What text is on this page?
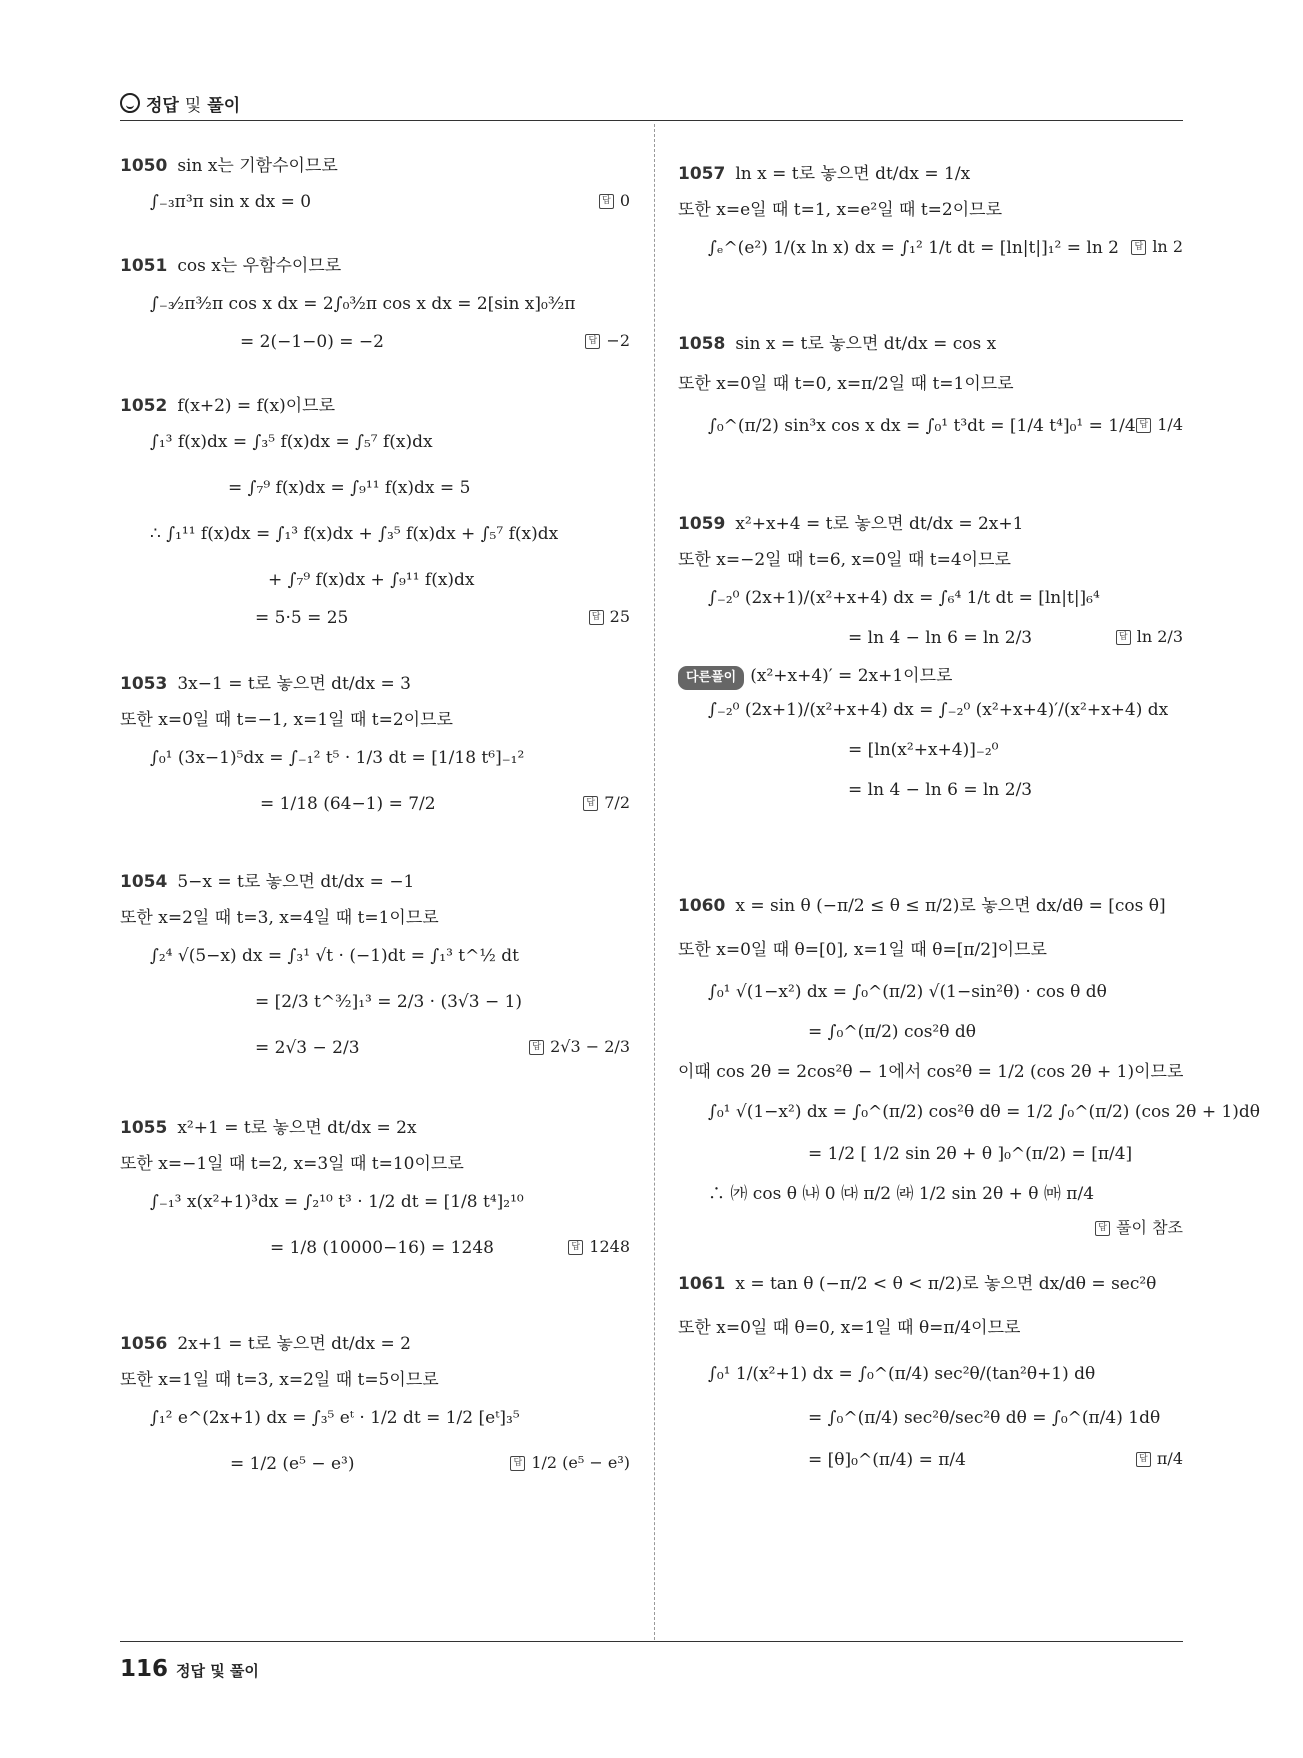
정답 및 풀이
1050 sin x는 기함수이므로
∫₋₃π³π sin x dx = 0	답 0
1051 cos x는 우함수이므로
∫₋₃⁄₂π³⁄₂π cos x dx = 2∫₀³⁄₂π cos x dx = 2[sin x]₀³⁄₂π
= 2(−1−0) = −2	답 −2
1052 f(x+2) = f(x)이므로
∫₁³ f(x)dx = ∫₃⁵ f(x)dx = ∫₅⁷ f(x)dx
= ∫₇⁹ f(x)dx = ∫₉¹¹ f(x)dx = 5
∴ ∫₁¹¹ f(x)dx = ∫₁³ f(x)dx + ∫₃⁵ f(x)dx + ∫₅⁷ f(x)dx
+ ∫₇⁹ f(x)dx + ∫₉¹¹ f(x)dx
= 5·5 = 25	답 25
1053 3x−1 = t로 놓으면 dt/dx = 3
또한 x=0일 때 t=−1, x=1일 때 t=2이므로
∫₀¹ (3x−1)⁵dx = ∫₋₁² t⁵ · 1/3 dt = [1/18 t⁶]₋₁²
= 1/18 (64−1) = 7/2	답 7/2
1054 5−x = t로 놓으면 dt/dx = −1
또한 x=2일 때 t=3, x=4일 때 t=1이므로
∫₂⁴ √(5−x) dx = ∫₃¹ √t · (−1)dt = ∫₁³ t^½ dt
= [2/3 t^³⁄₂]₁³ = 2/3 · (3√3 − 1)
= 2√3 − 2/3	답 2√3 − 2/3
1055 x²+1 = t로 놓으면 dt/dx = 2x
또한 x=−1일 때 t=2, x=3일 때 t=10이므로
∫₋₁³ x(x²+1)³dx = ∫₂¹⁰ t³ · 1/2 dt = [1/8 t⁴]₂¹⁰
= 1/8 (10000−16) = 1248	답 1248
1056 2x+1 = t로 놓으면 dt/dx = 2
또한 x=1일 때 t=3, x=2일 때 t=5이므로
∫₁² e^(2x+1) dx = ∫₃⁵ eᵗ · 1/2 dt = 1/2 [eᵗ]₃⁵
= 1/2 (e⁵ − e³)	답 1/2 (e⁵ − e³)
1057 ln x = t로 놓으면 dt/dx = 1/x
또한 x=e일 때 t=1, x=e²일 때 t=2이므로
∫ₑ^(e²) 1/(x ln x) dx = ∫₁² 1/t dt = [ln|t|]₁² = ln 2	답 ln 2
1058 sin x = t로 놓으면 dt/dx = cos x
또한 x=0일 때 t=0, x=π/2일 때 t=1이므로
∫₀^(π/2) sin³x cos x dx = ∫₀¹ t³dt = [1/4 t⁴]₀¹ = 1/4 답 1/4
1059 x²+x+4 = t로 놓으면 dt/dx = 2x+1
또한 x=−2일 때 t=6, x=0일 때 t=4이므로
∫₋₂⁰ (2x+1)/(x²+x+4) dx = ∫₆⁴ 1/t dt = [ln|t|]₆⁴
= ln 4 − ln 6 = ln 2/3	답 ln 2/3
다른풀이 (x²+x+4)′ = 2x+1이므로
∫₋₂⁰ (2x+1)/(x²+x+4) dx = ∫₋₂⁰ (x²+x+4)′/(x²+x+4) dx
= [ln(x²+x+4)]₋₂⁰
= ln 4 − ln 6 = ln 2/3
1060 x = sin θ (−π/2 ≤ θ ≤ π/2)로 놓으면 dx/dθ = [cos θ]
또한 x=0일 때 θ=[0], x=1일 때 θ=[π/2]이므로
∫₀¹ √(1−x²) dx = ∫₀^(π/2) √(1−sin²θ) · cos θ dθ
= ∫₀^(π/2) cos²θ dθ
이때 cos 2θ = 2cos²θ − 1에서 cos²θ = 1/2 (cos 2θ + 1)이므로
∫₀¹ √(1−x²) dx = ∫₀^(π/2) cos²θ dθ = 1/2 ∫₀^(π/2) (cos 2θ + 1)dθ
= 1/2 [ 1/2 sin 2θ + θ ]₀^(π/2) = [π/4]
∴ ㈎ cos θ ㈏ 0 ㈐ π/2 ㈑ 1/2 sin 2θ + θ ㈒ π/4
답 풀이 참조
1061 x = tan θ (−π/2 < θ < π/2)로 놓으면 dx/dθ = sec²θ
또한 x=0일 때 θ=0, x=1일 때 θ=π/4이므로
∫₀¹ 1/(x²+1) dx = ∫₀^(π/4) sec²θ/(tan²θ+1) dθ
= ∫₀^(π/4) sec²θ/sec²θ dθ = ∫₀^(π/4) 1dθ
= [θ]₀^(π/4) = π/4	답 π/4
116 정답 및 풀이
